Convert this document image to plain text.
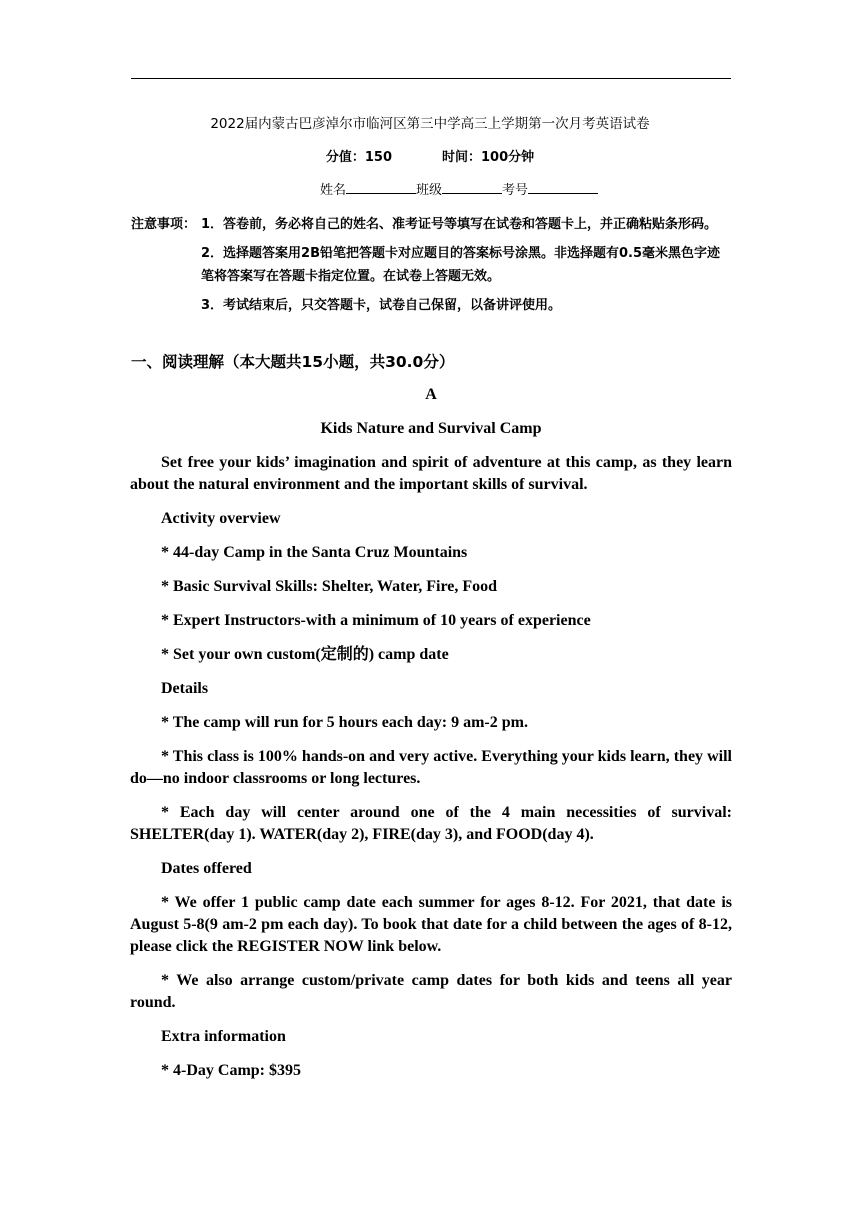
2022届内蒙古巴彦淖尔市临河区第三中学高三上学期第一次月考英语试卷
分值：150	时间：100分钟
姓名	班级	考号
注意事项： 1．答卷前，务必将自己的姓名、准考证号等填写在试卷和答题卡上，并正确粘贴条形码。
2．选择题答案用2B铅笔把答题卡对应题目的答案标号涂黑。非选择题有0.5毫米黑色字迹笔将答案写在答题卡指定位置。在试卷上答题无效。
3．考试结束后，只交答题卡，试卷自己保留，以备讲评使用。
一、阅读理解（本大题共15小题，共30.0分）
A
Kids Nature and Survival Camp

Set free your kids’ imagination and spirit of adventure at this camp, as they learn about the natural environment and the important skills of survival.

Activity overview

* 44-day Camp in the Santa Cruz Mountains

* Basic Survival Skills: Shelter, Water, Fire, Food

* Expert Instructors-with a minimum of 10 years of experience

* Set your own custom(定制的) camp date

Details

* The camp will run for 5 hours each day: 9 am-2 pm.

* This class is 100% hands-on and very active. Everything your kids learn, they will do—no indoor classrooms or long lectures.

* Each day will center around one of the 4 main necessities of survival: SHELTER(day 1). WATER(day 2), FIRE(day 3), and FOOD(day 4).

Dates offered

* We offer 1 public camp date each summer for ages 8-12. For 2021, that date is August 5-8(9 am-2 pm each day). To book that date for a child between the ages of 8-12, please click the REGISTER NOW link below.

* We also arrange custom/private camp dates for both kids and teens all year round.

Extra information

* 4-Day Camp: $395
